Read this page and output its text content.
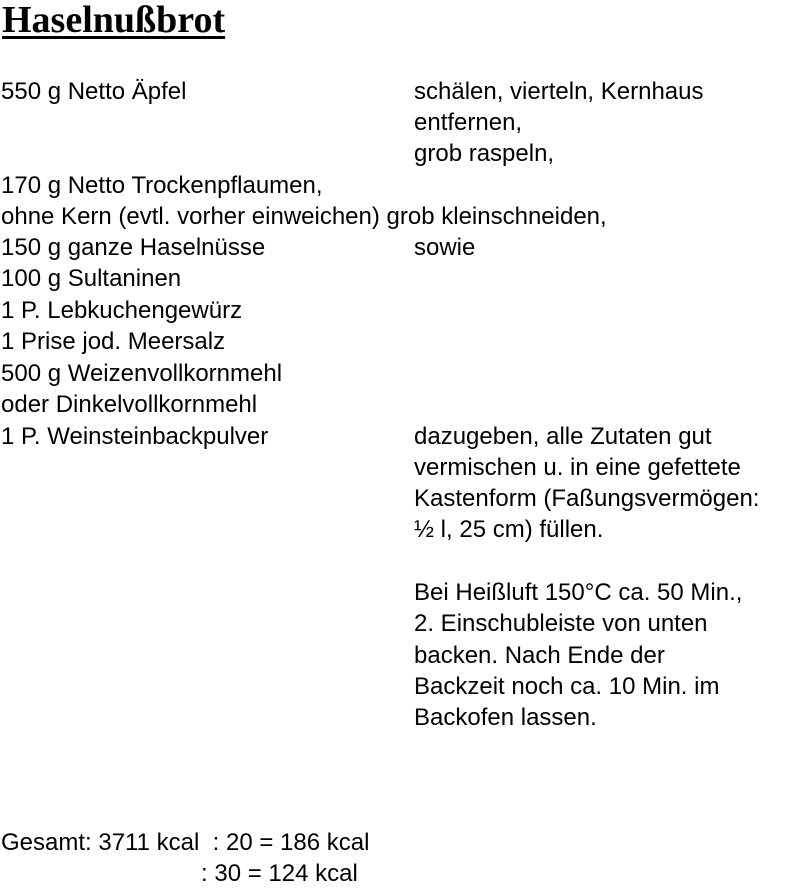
Haselnußbrot
550 g Netto Äpfel	schälen, vierteln, Kernhaus
entfernen,
grob raspeln,
170 g Netto Trockenpflaumen,
ohne Kern (evtl. vorher einweichen) grob kleinschneiden,
150 g ganze Haselnüsse	sowie
100 g Sultaninen
1 P. Lebkuchengewürz
1 Prise jod. Meersalz
500 g Weizenvollkornmehl
oder Dinkelvollkornmehl
1 P. Weinsteinbackpulver	dazugeben, alle Zutaten gut
vermischen u. in eine gefettete
Kastenform (Faßungsvermögen:
½ l, 25 cm) füllen.
Bei Heißluft 150°C ca. 50 Min.,
2. Einschubleiste von unten
backen. Nach Ende der
Backzeit noch ca. 10 Min. im
Backofen lassen.
Gesamt: 3711 kcal  : 20 = 186 kcal
: 30 = 124 kcal
